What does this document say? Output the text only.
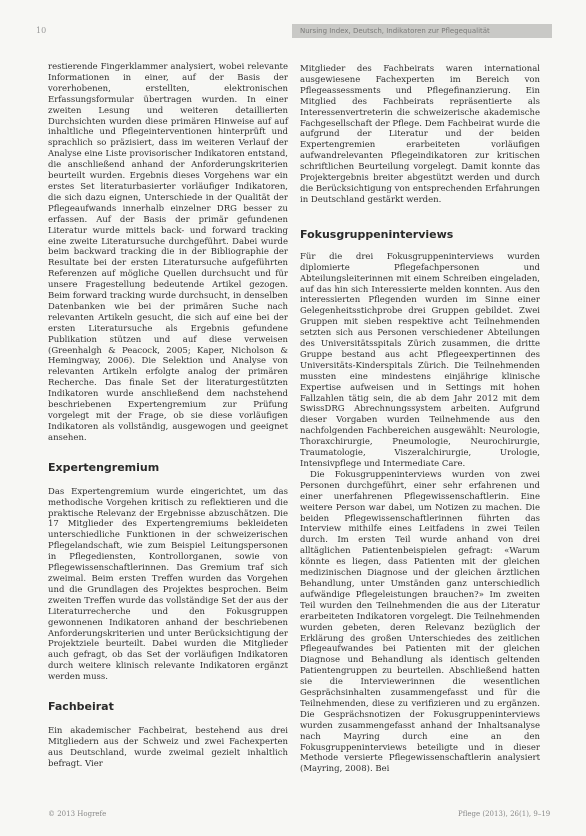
10	Nursing Index, Deutsch, Indikatoren zur Pflegequalität

restierende Fingerklammer analysiert, wobei relevante Informationen in einer, auf der Basis der vorerhobenen, erstellten, elektronischen Erfassungsformular übertragen wurden. In einer zweiten Lesung und weiteren detaillierten Durchsichten wurden diese primären Hinweise auf auf inhaltliche und Pflegeinterventionen hinterprüft und sprachlich so präzisiert, dass im weiteren Verlauf der Analyse eine Liste provisorischer Indikatoren entstand, die anschließend anhand der Anforderungskriterien beurteilt wurden. Ergebnis dieses Vorgehens war ein erstes Set literaturbasierter vorläufiger Indikatoren, die sich dazu eignen, Unterschiede in der Qualität der Pflegeaufwands innerhalb einzelner DRG besser zu erfassen. Auf der Basis der primär gefundenen Literatur wurde mittels back- und forward tracking eine zweite Literatursuche durchgeführt. Dabei wurde beim backward tracking die in der Bibliographie der Resultate bei der ersten Literatursuche aufgeführten Referenzen auf mögliche Quellen durchsucht und für unsere Fragestellung bedeutende Artikel gezogen. Beim forward tracking wurde durchsucht, in denselben Datenbanken wie bei der primären Suche nach relevanten Artikeln gesucht, die sich auf eine bei der ersten Literatursuche als Ergebnis gefundene Publikation stützen und auf diese verweisen (Greenhalgh & Peacock, 2005; Kaper, Nicholson & Hemingway, 2006). Die Selektion und Analyse von relevanten Artikeln erfolgte analog der primären Recherche. Das finale Set der literaturgestützten Indikatoren wurde anschließend dem nachstehend beschriebenen Expertengremium zur Prüfung vorgelegt mit der Frage, ob sie diese vorläufigen Indikatoren als vollständig, ausgewogen und geeignet ansehen.

Expertengremium

Das Expertengremium wurde eingerichtet, um das methodische Vorgehen kritisch zu reflektieren und die praktische Relevanz der Ergebnisse abzuschätzen. Die 17 Mitglieder des Expertengremiums bekleideten unterschiedliche Funktionen in der schweizerischen Pflegelandschaft, wie zum Beispiel Leitungspersonen in Pflegediensten, Kontrollorganen, sowie von Pflegewissenschaftlerinnen. Das Gremium traf sich zweimal. Beim ersten Treffen wurden das Vorgehen und die Grundlagen des Projektes besprochen. Beim zweiten Treffen wurde das vollständige Set der aus der Literaturrecherche und den Fokusgruppen gewonnenen Indikatoren anhand der beschriebenen Anforderungskriterien und unter Berücksichtigung der Projektziele beurteilt. Dabei wurden die Mitglieder auch gefragt, ob das Set der vorläufigen Indikatoren durch weitere klinisch relevante Indikatoren ergänzt werden muss.

Fachbeirat

Ein akademischer Fachbeirat, bestehend aus drei Mitgliedern aus der Schweiz und zwei Fachexperten aus Deutschland, wurde zweimal gezielt inhaltlich befragt. Vier

Mitglieder des Fachbeirats waren international ausgewiesene Fachexperten im Bereich von Pflegeassessments und Pflegefinanzierung. Ein Mitglied des Fachbeirats repräsentierte als Interessenvertreterin die schweizerische akademische Fachgesellschaft der Pflege. Dem Fachbeirat wurde die aufgrund der Literatur und der beiden Expertengremien erarbeiteten vorläufigen aufwandrelevanten Pflegeindikatoren zur kritischen schriftlichen Beurteilung vorgelegt. Damit konnte das Projektergebnis breiter abgestützt werden und durch die Berücksichtigung von entsprechenden Erfahrungen in Deutschland gestärkt werden.

Fokusgruppeninterviews

Für die drei Fokusgruppeninterviews wurden diplomierte Pflegefachpersonen und Abteilungsleiterinnen mit einem Schreiben eingeladen, auf das hin sich Interessierte melden konnten. Aus den interessierten Pflegenden wurden im Sinne einer Gelegenheitsstichprobe drei Gruppen gebildet. Zwei Gruppen mit sieben respektive acht Teilnehmenden setzten sich aus Personen verschiedener Abteilungen des Universitätsspitals Zürich zusammen, die dritte Gruppe bestand aus acht Pflegeexpertinnen des Universitäts-Kinderspitals Zürich. Die Teilnehmenden mussten eine mindestens einjährige klinische Expertise aufweisen und in Settings mit hohen Fallzahlen tätig sein, die ab dem Jahr 2012 mit dem SwissDRG Abrechnungssystem arbeiten. Aufgrund dieser Vorgaben wurden Teilnehmende aus den nachfolgenden Fachbereichen ausgewählt: Neurologie, Thoraxchirurgie, Pneumologie, Neurochirurgie, Traumatologie, Viszeralchirurgie, Urologie, Intensivpflege und Intermediate Care.

Die Fokusgruppeninterviews wurden von zwei Personen durchgeführt, einer sehr erfahrenen und einer unerfahrenen Pflegewissenschaftlerin. Eine weitere Person war dabei, um Notizen zu machen. Die beiden Pflegewissenschaftlerinnen führten das Interview mithilfe eines Leitfadens in zwei Teilen durch. Im ersten Teil wurde anhand von drei alltäglichen Patientenbeispielen gefragt: «Warum könnte es liegen, dass Patienten mit der gleichen medizinischen Diagnose und der gleichen ärztlichen Behandlung, unter Umständen ganz unterschiedlich aufwändige Pflegeleistungen brauchen?» Im zweiten Teil wurden den Teilnehmenden die aus der Literatur erarbeiteten Indikatoren vorgelegt. Die Teilnehmenden wurden gebeten, deren Relevanz bezüglich der Erklärung des großen Unterschiedes des zeitlichen Pflegeaufwandes bei Patienten mit der gleichen Diagnose und Behandlung als identisch geltenden Patientengruppen zu beurteilen. Abschließend hatten sie die Interviewerinnen die wesentlichen Gesprächsinhalten zusammengefasst und für die Teilnehmenden, diese zu verifizieren und zu ergänzen. Die Gesprächsnotizen der Fokusgruppeninterviews wurden zusammengefasst anhand der Inhaltsanalyse nach Mayring durch eine an den Fokusgruppeninterviews beteiligte und in dieser Methode versierte Pflegewissenschaftlerin analysiert (Mayring, 2008). Bei

© 2013 Hogrefe	Pflege (2013), 26(1), 9–19
